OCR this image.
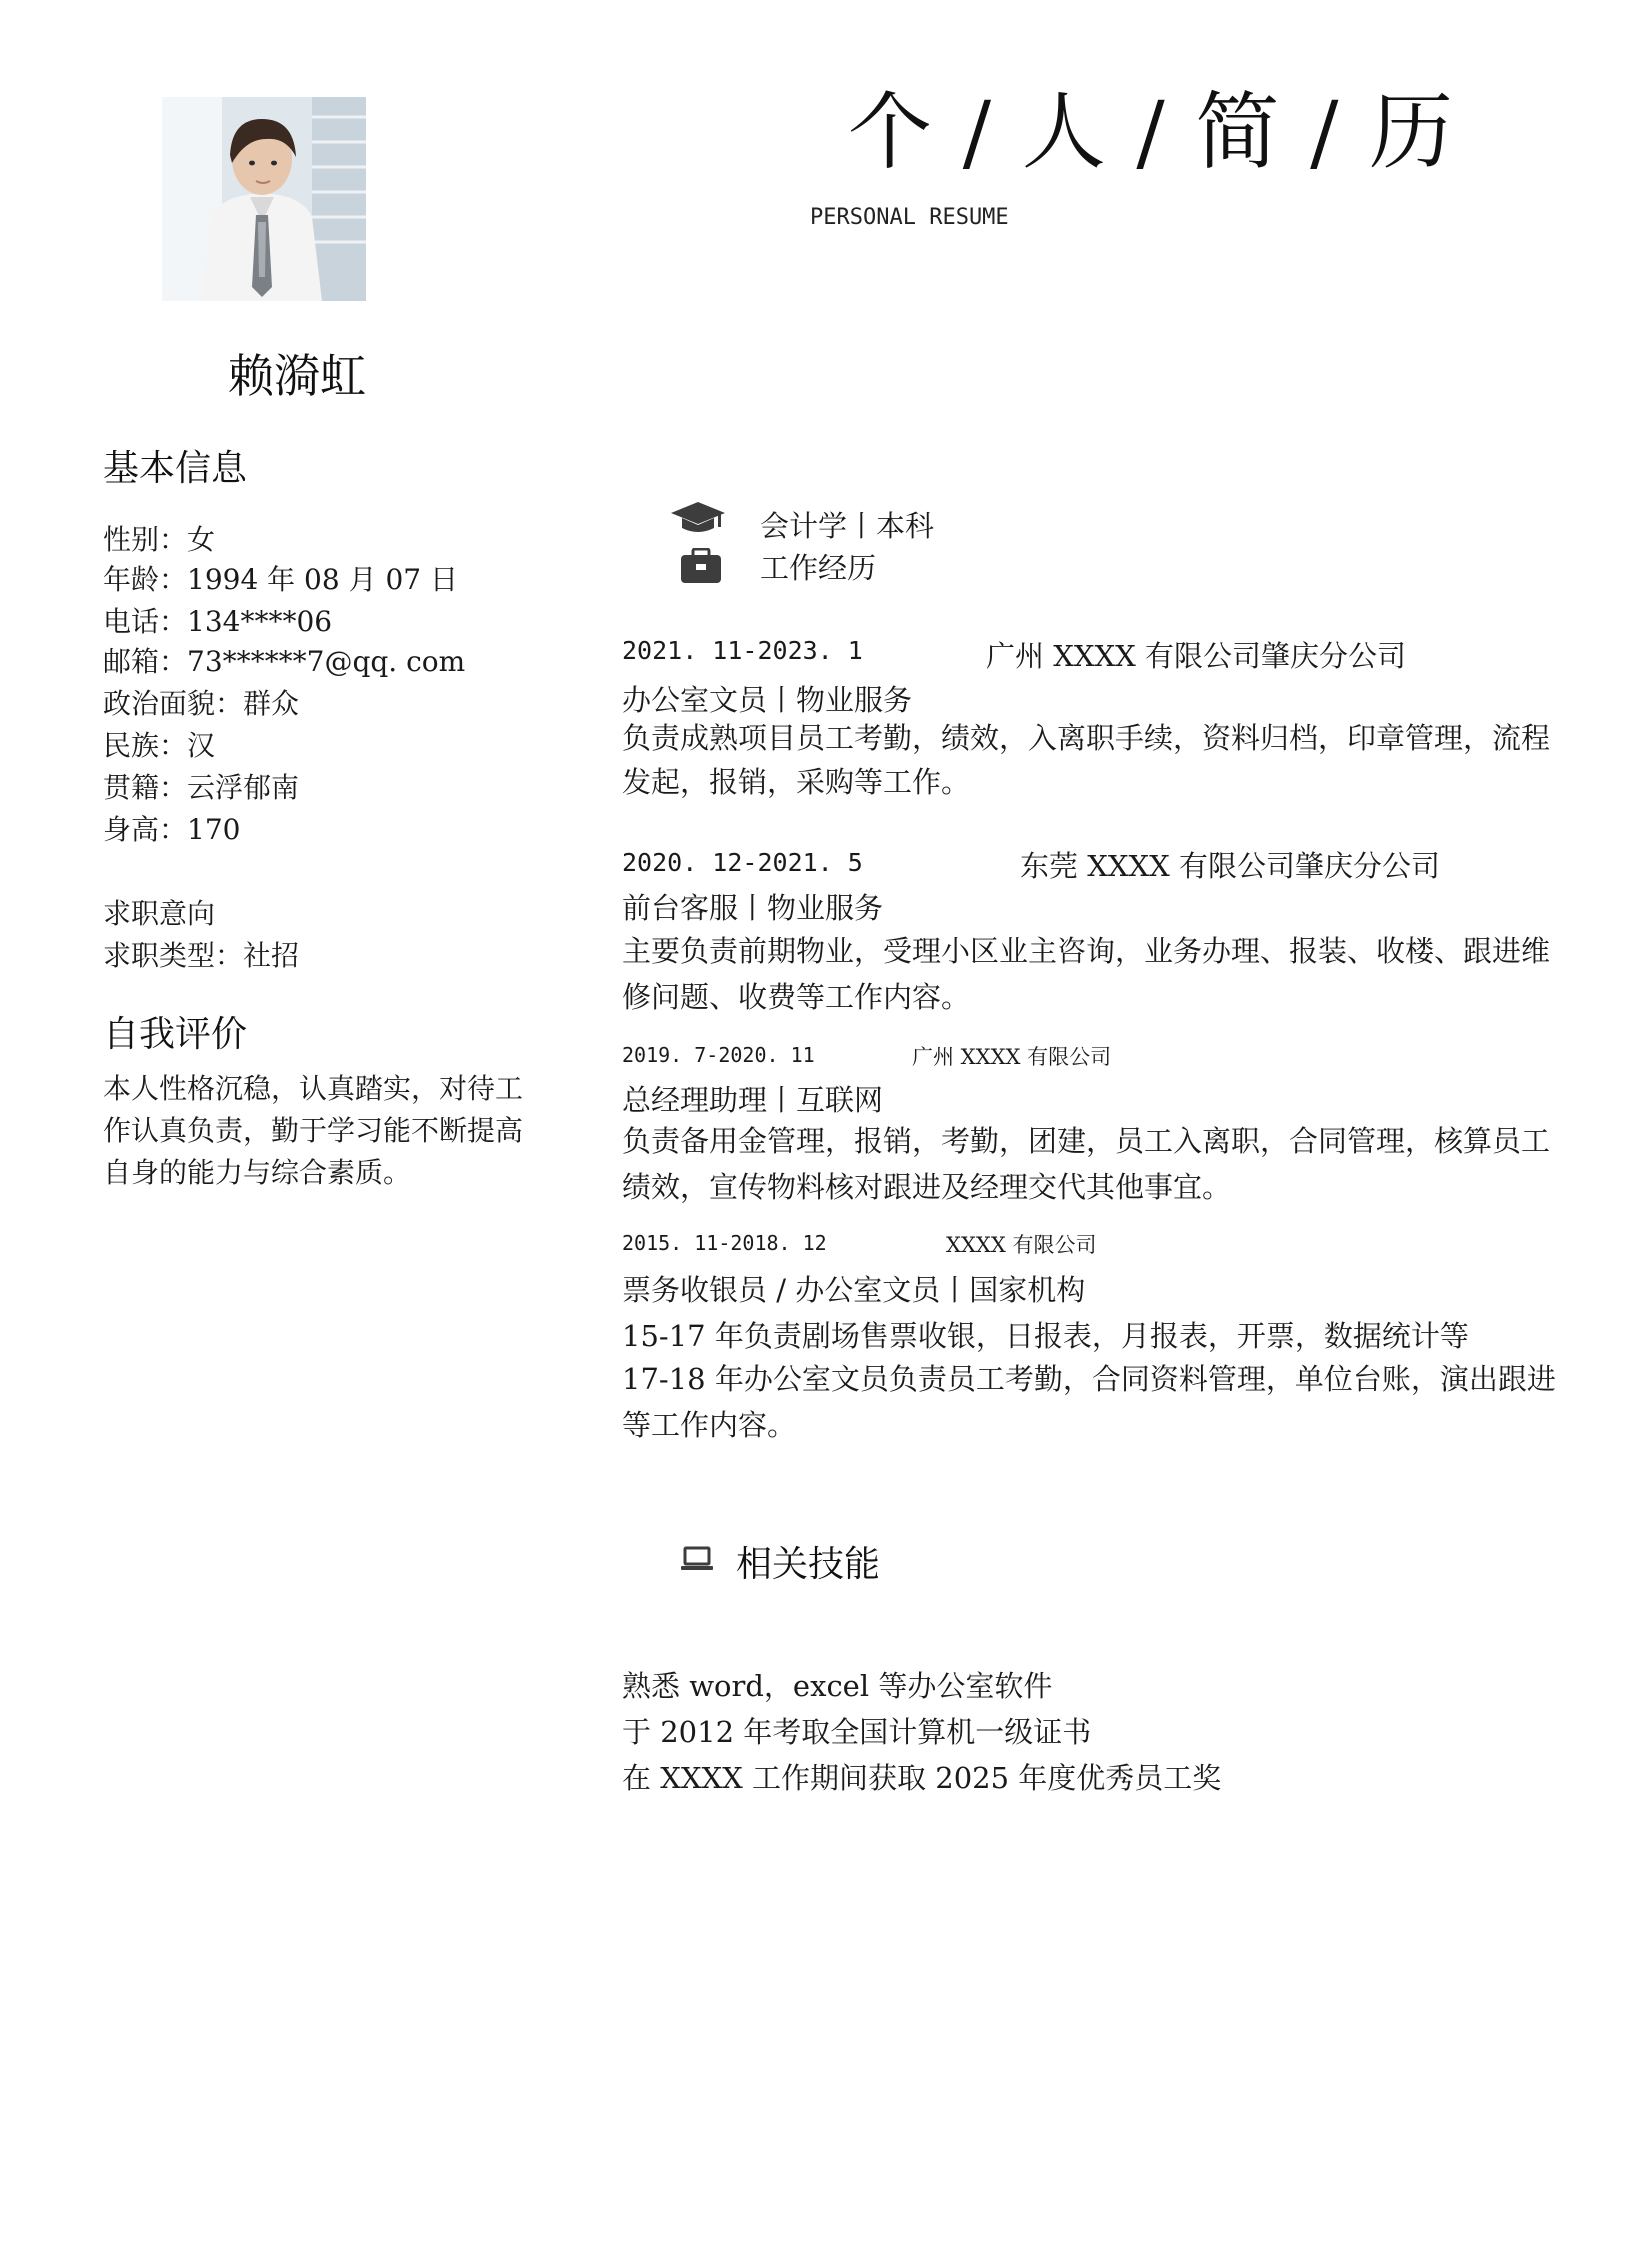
个 / 人 / 简 / 历
PERSONAL RESUME
赖漪虹
基本信息
性别：女
年龄：1994 年 08 月 07 日
电话：134****06
邮箱：73******7@qq. com
政治面貌：群众
民族：汉
贯籍：云浮郁南
身高：170
求职意向
求职类型：社招
自我评价
本人性格沉稳，认真踏实，对待工作认真负责，勤于学习能不断提高自身的能力与综合素质。
会计学丨本科
工作经历
2021. 11-2023. 1	广州 XXXX 有限公司肇庆分公司
办公室文员丨物业服务
负责成熟项目员工考勤，绩效，入离职手续，资料归档，印章管理，流程发起，报销，采购等工作。
2020. 12-2021. 5	东莞 XXXX 有限公司肇庆分公司
前台客服丨物业服务
主要负责前期物业，受理小区业主咨询，业务办理、报装、收楼、跟进维修问题、收费等工作内容。
2019. 7-2020. 11	广州 XXXX 有限公司
总经理助理丨互联网
负责备用金管理，报销，考勤，团建，员工入离职，合同管理，核算员工绩效，宣传物料核对跟进及经理交代其他事宜。
2015. 11-2018. 12	XXXX 有限公司
票务收银员 / 办公室文员丨国家机构
15-17 年负责剧场售票收银，日报表，月报表，开票，数据统计等
17-18 年办公室文员负责员工考勤，合同资料管理，单位台账，演出跟进等工作内容。
相关技能
熟悉 word，excel 等办公室软件
于 2012 年考取全国计算机一级证书
在 XXXX 工作期间获取 2025 年度优秀员工奖
